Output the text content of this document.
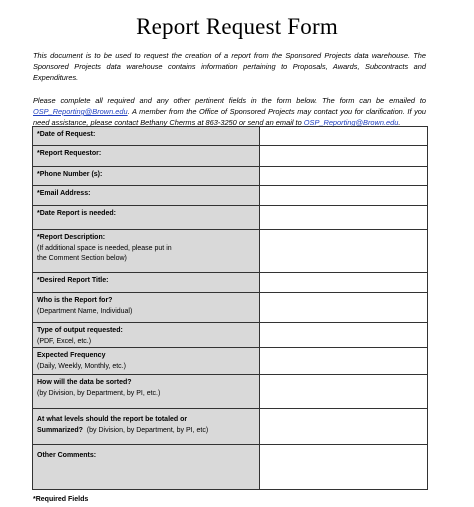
Report Request Form

This document is to be used to request the creation of a report from the Sponsored Projects data warehouse. The Sponsored Projects data warehouse contains information pertaining to Proposals, Awards, Subcontracts and Expenditures.

Please complete all required and any other pertinent fields in the form below. The form can be emailed to OSP_Reporting@Brown.edu. A member from the Office of Sponsored Projects may contact you for clarification. If you need assistance, please contact Bethany Cherms at 863-3250 or send an email to OSP_Reporting@Brown.edu.

*Date of Request:	
*Report Requestor:	
*Phone Number (s):	
*Email Address:	
*Date Report is needed:	

*Report Description:
(If additional space is needed, please put in
the Comment Section below)	

*Desired Report Title:	

Who is the Report for?
(Department Name, Individual)	

Type of output requested:
(PDF, Excel, etc.)	

Expected Frequency
(Daily, Weekly, Monthly, etc.)	

How will the data be sorted?
(by Division, by Department, by PI, etc.)	

At what levels should the report be totaled or
Summarized? (by Division, by Department, by PI, etc)	

Other Comments:	
*Required Fields
